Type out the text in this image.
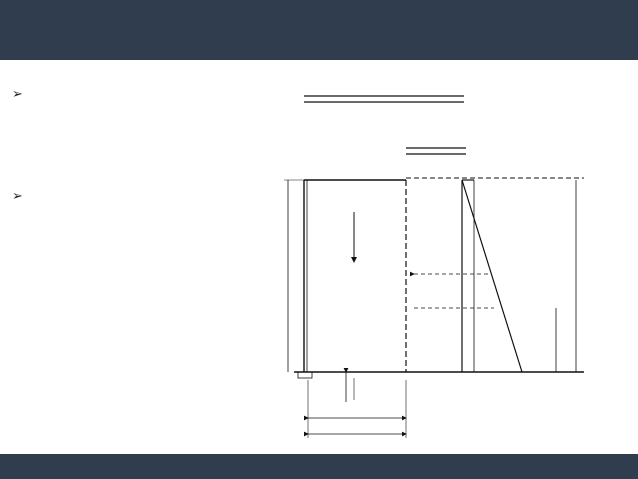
➢
➢
